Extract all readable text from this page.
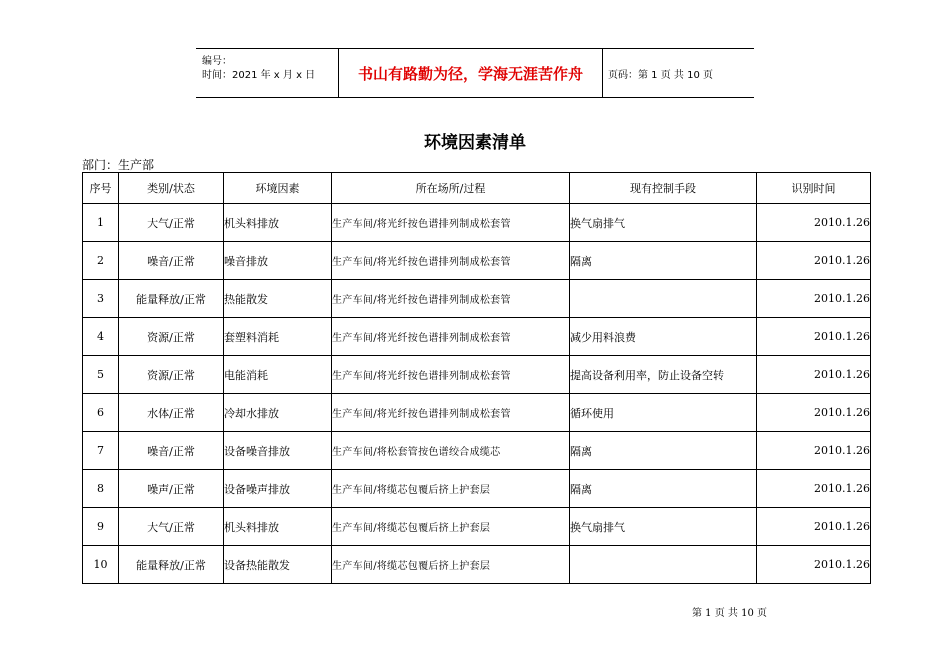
编号：
时间：2021 年 x 月 x 日	书山有路勤为径，学海无涯苦作舟	页码：第 1 页 共 10 页
环境因素清单
部门：生产部
序号	类别/状态	环境因素	所在场所/过程	现有控制手段	识别时间
1	大气/正常	机头料排放	生产车间/将光纤按色谱排列制成松套管	换气扇排气	2010.1.26
2	噪音/正常	噪音排放	生产车间/将光纤按色谱排列制成松套管	隔离	2010.1.26
3	能量释放/正常	热能散发	生产车间/将光纤按色谱排列制成松套管		2010.1.26
4	资源/正常	套塑料消耗	生产车间/将光纤按色谱排列制成松套管	减少用料浪费	2010.1.26
5	资源/正常	电能消耗	生产车间/将光纤按色谱排列制成松套管	提高设备利用率，防止设备空转	2010.1.26
6	水体/正常	冷却水排放	生产车间/将光纤按色谱排列制成松套管	循环使用	2010.1.26
7	噪音/正常	设备噪音排放	生产车间/将松套管按色谱绞合成缆芯	隔离	2010.1.26
8	噪声/正常	设备噪声排放	生产车间/将缆芯包覆后挤上护套层	隔离	2010.1.26
9	大气/正常	机头料排放	生产车间/将缆芯包覆后挤上护套层	换气扇排气	2010.1.26
10	能量释放/正常	设备热能散发	生产车间/将缆芯包覆后挤上护套层		2010.1.26
第 1 页 共 10 页
